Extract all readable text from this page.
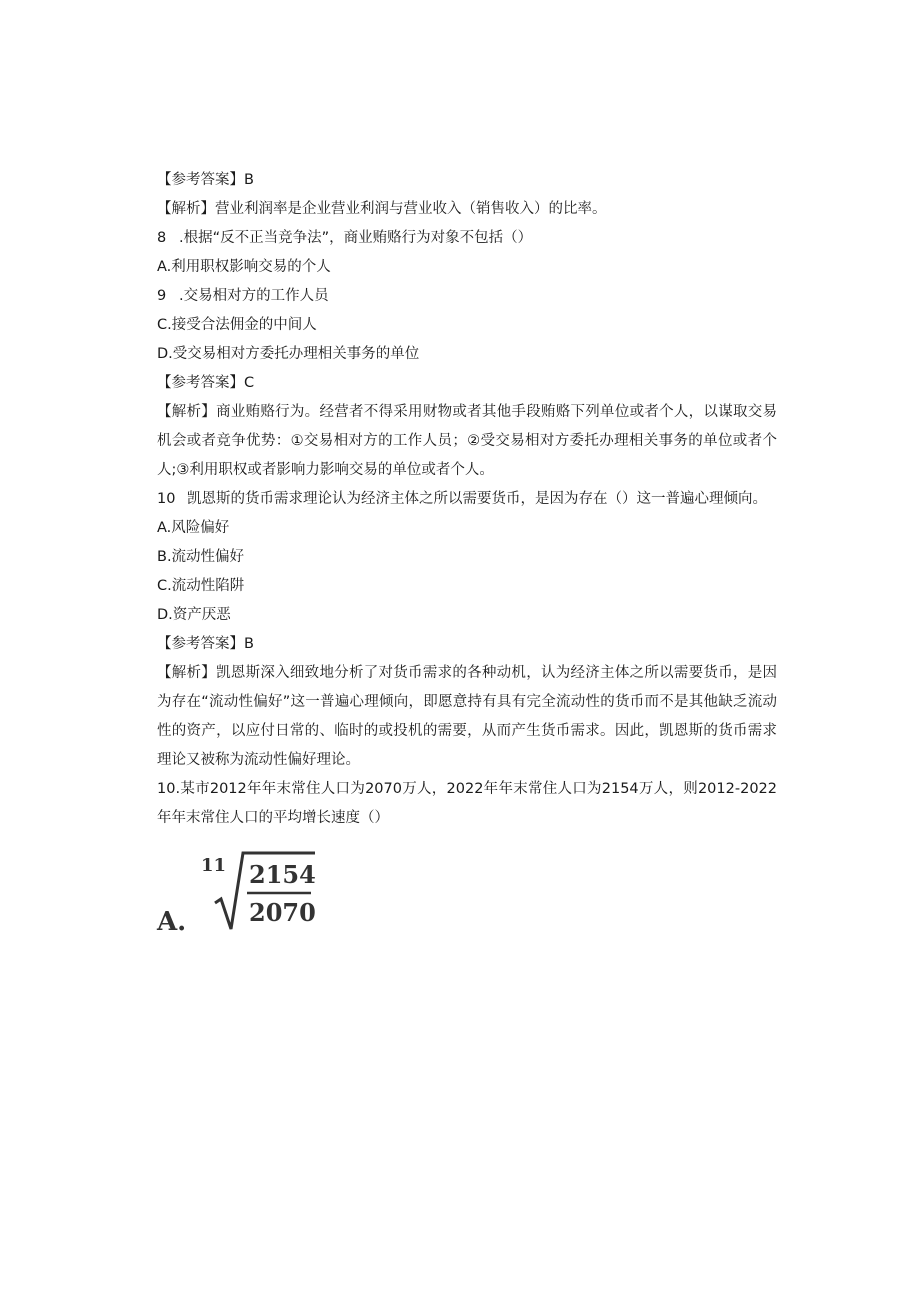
【参考答案】B

【解析】营业利润率是企业营业利润与营业收入（销售收入）的比率。

8 .根据“反不正当竞争法”，商业贿赂行为对象不包括（）

A.利用职权影响交易的个人

9 .交易相对方的工作人员

C.接受合法佣金的中间人

D.受交易相对方委托办理相关事务的单位

【参考答案】C

【解析】商业贿赂行为。经营者不得采用财物或者其他手段贿赂下列单位或者个人，以谋取交易机会或者竞争优势：①交易相对方的工作人员；②受交易相对方委托办理相关事务的单位或者个人;③利用职权或者影响力影响交易的单位或者个人。

10 凯恩斯的货币需求理论认为经济主体之所以需要货币，是因为存在（）这一普遍心理倾向。

A.风险偏好

B.流动性偏好

C.流动性陷阱

D.资产厌恶

【参考答案】B

【解析】凯恩斯深入细致地分析了对货币需求的各种动机，认为经济主体之所以需要货币，是因为存在“流动性偏好”这一普遍心理倾向，即愿意持有具有完全流动性的货币而不是其他缺乏流动性的资产，以应付日常的、临时的或投机的需要，从而产生货币需求。因此，凯恩斯的货币需求理论又被称为流动性偏好理论。

10.某市2012年年末常住人口为2070万人，2022年年末常住人口为2154万人，则2012-2022年年末常住人口的平均增长速度（）

A.
11 2154
2070
